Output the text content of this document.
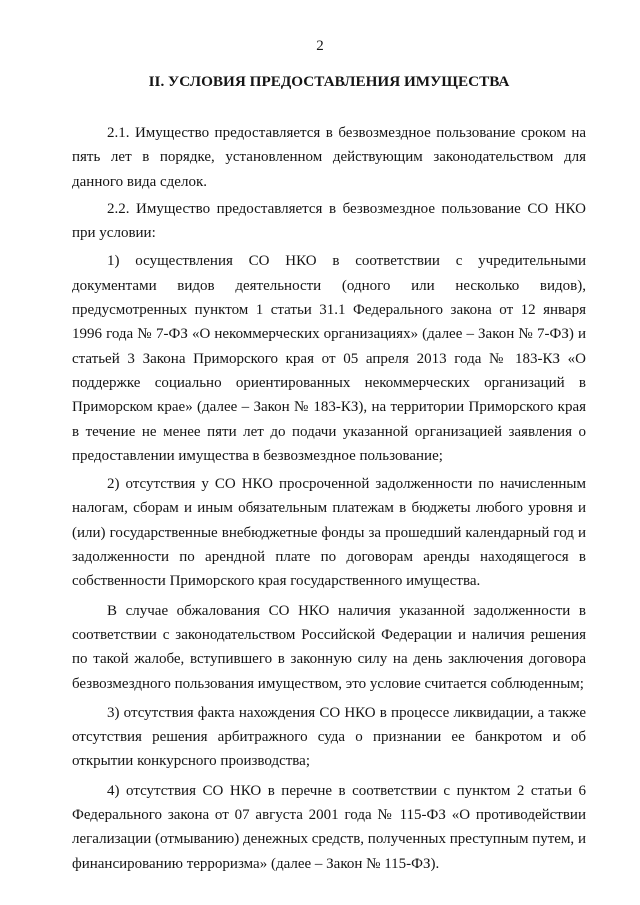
2
II. УСЛОВИЯ ПРЕДОСТАВЛЕНИЯ ИМУЩЕСТВА

2.1. Имущество предоставляется в безвозмездное пользование сроком на пять лет в порядке, установленном действующим законодательством для данного вида сделок.

2.2. Имущество предоставляется в безвозмездное пользование СО НКО при условии:

1) осуществления СО НКО в соответствии с учредительными документами видов деятельности (одного или несколько видов), предусмотренных пунктом 1 статьи 31.1 Федерального закона от 12 января 1996 года № 7-ФЗ «О некоммерческих организациях» (далее – Закон № 7-ФЗ) и статьей 3 Закона Приморского края от 05 апреля 2013 года № 183-КЗ «О поддержке социально ориентированных некоммерческих организаций в Приморском крае» (далее – Закон № 183-КЗ), на территории Приморского края в течение не менее пяти лет до подачи указанной организацией заявления о предоставлении имущества в безвозмездное пользование;

2) отсутствия у СО НКО просроченной задолженности по начисленным налогам, сборам и иным обязательным платежам в бюджеты любого уровня и (или) государственные внебюджетные фонды за прошедший календарный год и задолженности по арендной плате по договорам аренды находящегося в собственности Приморского края государственного имущества.

В случае обжалования СО НКО наличия указанной задолженности в соответствии с законодательством Российской Федерации и наличия решения по такой жалобе, вступившего в законную силу на день заключения договора безвозмездного пользования имуществом, это условие считается соблюденным;

3) отсутствия факта нахождения СО НКО в процессе ликвидации, а также отсутствия решения арбитражного суда о признании ее банкротом и об открытии конкурсного производства;

4) отсутствия СО НКО в перечне в соответствии с пунктом 2 статьи 6 Федерального закона от 07 августа 2001 года № 115-ФЗ «О противодействии легализации (отмыванию) денежных средств, полученных преступным путем, и финансированию терроризма» (далее – Закон № 115-ФЗ).
